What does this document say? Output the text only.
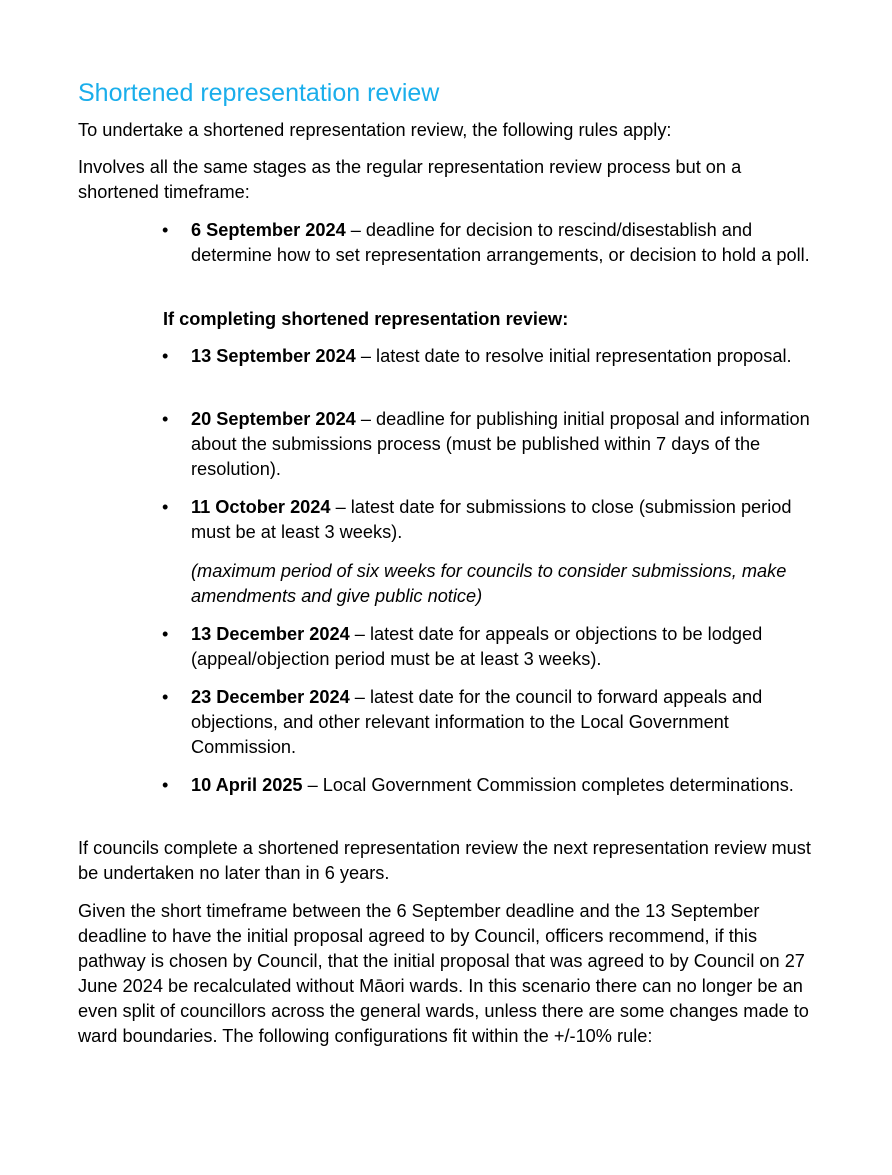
Shortened representation review

To undertake a shortened representation review, the following rules apply:

Involves all the same stages as the regular representation review process but on a shortened timeframe:

• 6 September 2024 – deadline for decision to rescind/disestablish and determine how to set representation arrangements, or decision to hold a poll.

If completing shortened representation review:

• 13 September 2024 – latest date to resolve initial representation proposal.

• 20 September 2024 – deadline for publishing initial proposal and information about the submissions process (must be published within 7 days of the resolution).

• 11 October 2024 – latest date for submissions to close (submission period must be at least 3 weeks).

(maximum period of six weeks for councils to consider submissions, make amendments and give public notice)

• 13 December 2024 – latest date for appeals or objections to be lodged (appeal/objection period must be at least 3 weeks).

• 23 December 2024 – latest date for the council to forward appeals and objections, and other relevant information to the Local Government Commission.

• 10 April 2025 – Local Government Commission completes determinations.

If councils complete a shortened representation review the next representation review must be undertaken no later than in 6 years.

Given the short timeframe between the 6 September deadline and the 13 September deadline to have the initial proposal agreed to by Council, officers recommend, if this pathway is chosen by Council, that the initial proposal that was agreed to by Council on 27 June 2024 be recalculated without Māori wards. In this scenario there can no longer be an even split of councillors across the general wards, unless there are some changes made to ward boundaries. The following configurations fit within the +/-10% rule:
